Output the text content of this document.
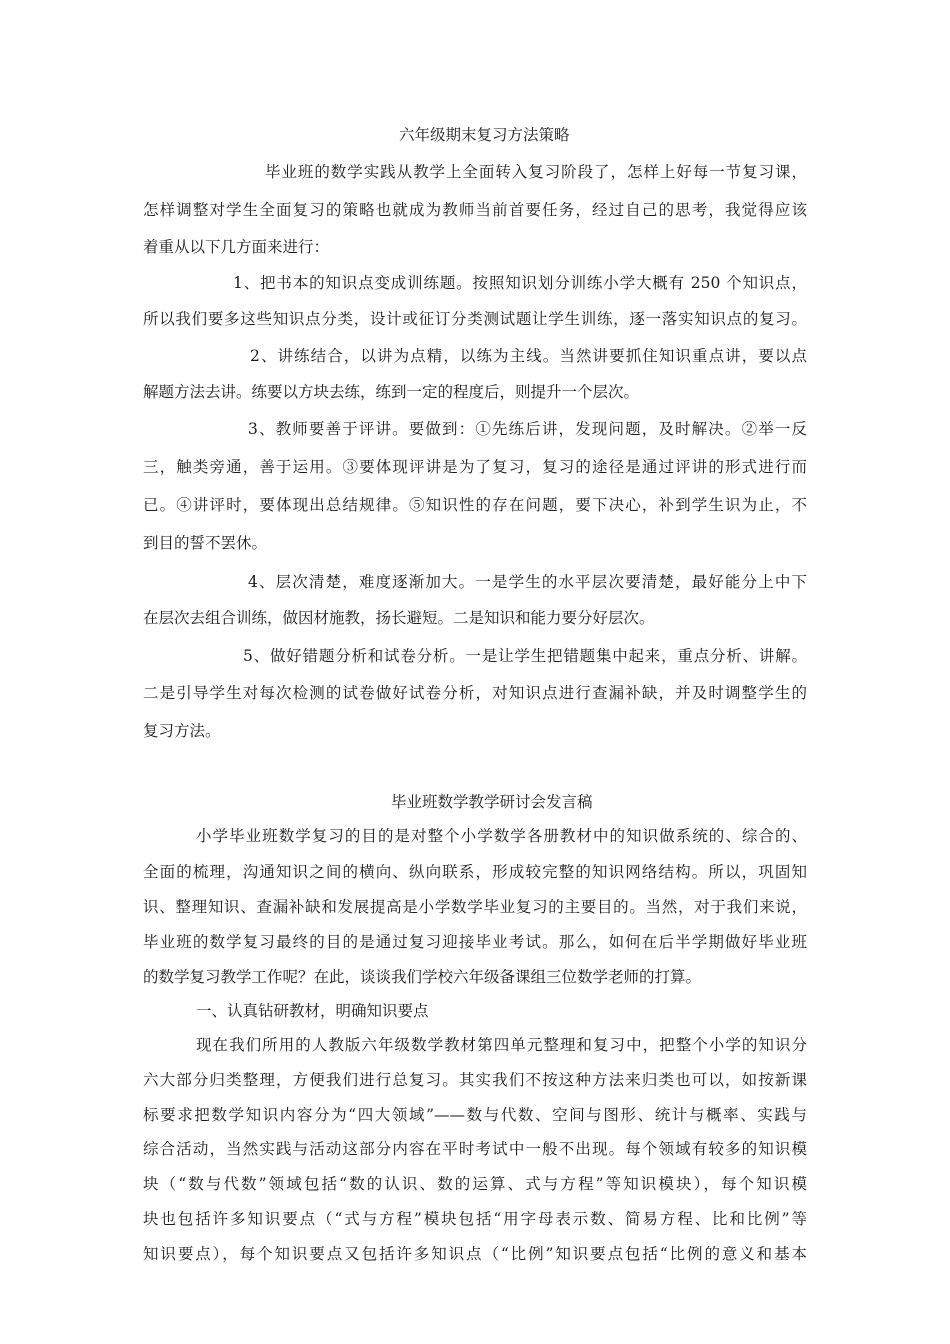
六年级期末复习方法策略
毕业班的数学实践从教学上全面转入复习阶段了，怎样上好每一节复习课，
怎样调整对学生全面复习的策略也就成为教师当前首要任务，经过自己的思考，我觉得应该
着重从以下几方面来进行：
1、把书本的知识点变成训练题。按照知识划分训练小学大概有 250 个知识点，
所以我们要多这些知识点分类，设计或征订分类测试题让学生训练，逐一落实知识点的复习。
2、讲练结合，以讲为点精，以练为主线。当然讲要抓住知识重点讲，要以点
解题方法去讲。练要以方块去练，练到一定的程度后，则提升一个层次。
3、教师要善于评讲。要做到：①先练后讲，发现问题，及时解决。②举一反
三，触类旁通，善于运用。③要体现评讲是为了复习，复习的途径是通过评讲的形式进行而
已。④讲评时，要体现出总结规律。⑤知识性的存在问题，要下决心，补到学生识为止，不
到目的誓不罢休。
4、层次清楚，难度逐渐加大。一是学生的水平层次要清楚，最好能分上中下
在层次去组合训练，做因材施教，扬长避短。二是知识和能力要分好层次。
5、做好错题分析和试卷分析。一是让学生把错题集中起来，重点分析、讲解。
二是引导学生对每次检测的试卷做好试卷分析，对知识点进行查漏补缺，并及时调整学生的
复习方法。
毕业班数学教学研讨会发言稿
小学毕业班数学复习的目的是对整个小学数学各册教材中的知识做系统的、综合的、
全面的梳理，沟通知识之间的横向、纵向联系，形成较完整的知识网络结构。所以，巩固知
识、整理知识、查漏补缺和发展提高是小学数学毕业复习的主要目的。当然，对于我们来说，
毕业班的数学复习最终的目的是通过复习迎接毕业考试。那么，如何在后半学期做好毕业班
的数学复习教学工作呢？在此，谈谈我们学校六年级备课组三位数学老师的打算。
一、认真钻研教材，明确知识要点
现在我们所用的人教版六年级数学教材第四单元整理和复习中，把整个小学的知识分
六大部分归类整理，方便我们进行总复习。其实我们不按这种方法来归类也可以，如按新课
标要求把数学知识内容分为“四大领域”——数与代数、空间与图形、统计与概率、实践与
综合活动，当然实践与活动这部分内容在平时考试中一般不出现。每个领域有较多的知识模
块（“数与代数”领域包括“数的认识、数的运算、式与方程”等知识模块），每个知识模
块也包括许多知识要点（“式与方程”模块包括“用字母表示数、简易方程、比和比例”等
知识要点），每个知识要点又包括许多知识点（“比例”知识要点包括“比例的意义和基本
